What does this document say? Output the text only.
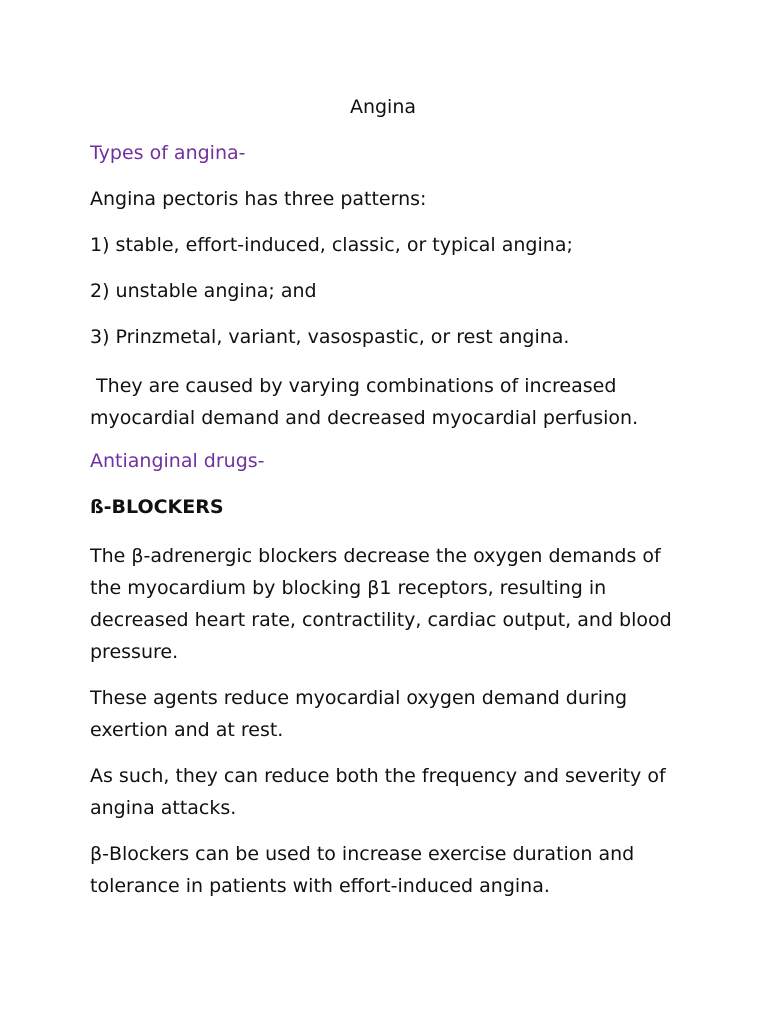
Angina
Types of angina-

Angina pectoris has three patterns:

1) stable, effort-induced, classic, or typical angina;

2) unstable angina; and

3) Prinzmetal, variant, vasospastic, or rest angina.

They are caused by varying combinations of increased myocardial demand and decreased myocardial perfusion.

Antianginal drugs-
ß-BLOCKERS

The β-adrenergic blockers decrease the oxygen demands of the myocardium by blocking β1 receptors, resulting in decreased heart rate, contractility, cardiac output, and blood pressure.

These agents reduce myocardial oxygen demand during exertion and at rest.

As such, they can reduce both the frequency and severity of angina attacks.

β-Blockers can be used to increase exercise duration and tolerance in patients with effort-induced angina.
